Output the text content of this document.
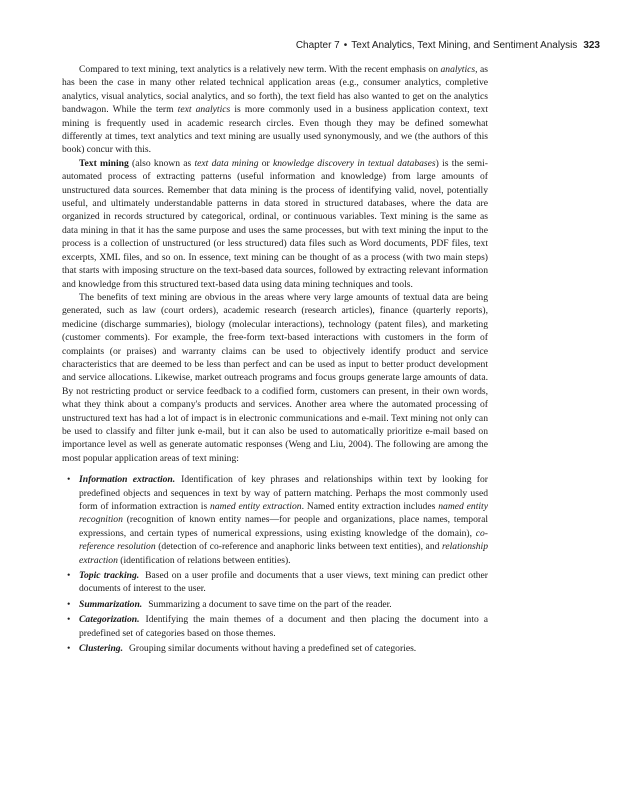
Chapter 7 • Text Analytics, Text Mining, and Sentiment Analysis 323

Compared to text mining, text analytics is a relatively new term. With the recent emphasis on analytics, as has been the case in many other related technical application areas (e.g., consumer analytics, completive analytics, visual analytics, social analytics, and so forth), the text field has also wanted to get on the analytics bandwagon. While the term text analytics is more commonly used in a business application context, text mining is frequently used in academic research circles. Even though they may be defined somewhat differently at times, text analytics and text mining are usually used synonymously, and we (the authors of this book) concur with this.

Text mining (also known as text data mining or knowledge discovery in textual databases) is the semi-automated process of extracting patterns (useful information and knowledge) from large amounts of unstructured data sources. Remember that data mining is the process of identifying valid, novel, potentially useful, and ultimately understandable patterns in data stored in structured databases, where the data are organized in records structured by categorical, ordinal, or continuous variables. Text mining is the same as data mining in that it has the same purpose and uses the same processes, but with text mining the input to the process is a collection of unstructured (or less structured) data files such as Word documents, PDF files, text excerpts, XML files, and so on. In essence, text mining can be thought of as a process (with two main steps) that starts with imposing structure on the text-based data sources, followed by extracting relevant information and knowledge from this structured text-based data using data mining techniques and tools.

The benefits of text mining are obvious in the areas where very large amounts of textual data are being generated, such as law (court orders), academic research (research articles), finance (quarterly reports), medicine (discharge summaries), biology (molecular interactions), technology (patent files), and marketing (customer comments). For example, the free-form text-based interactions with customers in the form of complaints (or praises) and warranty claims can be used to objectively identify product and service characteristics that are deemed to be less than perfect and can be used as input to better product development and service allocations. Likewise, market outreach programs and focus groups generate large amounts of data. By not restricting product or service feedback to a codified form, customers can present, in their own words, what they think about a company's products and services. Another area where the automated processing of unstructured text has had a lot of impact is in electronic communications and e-mail. Text mining not only can be used to classify and filter junk e-mail, but it can also be used to automatically prioritize e-mail based on importance level as well as generate automatic responses (Weng and Liu, 2004). The following are among the most popular application areas of text mining:

• Information extraction. Identification of key phrases and relationships within text by looking for predefined objects and sequences in text by way of pattern matching. Perhaps the most commonly used form of information extraction is named entity extraction. Named entity extraction includes named entity recognition (recognition of known entity names—for people and organizations, place names, temporal expressions, and certain types of numerical expressions, using existing knowledge of the domain), co-reference resolution (detection of co-reference and anaphoric links between text entities), and relationship extraction (identification of relations between entities).
• Topic tracking. Based on a user profile and documents that a user views, text mining can predict other documents of interest to the user.
• Summarization. Summarizing a document to save time on the part of the reader.
• Categorization. Identifying the main themes of a document and then placing the document into a predefined set of categories based on those themes.
• Clustering. Grouping similar documents without having a predefined set of categories.
